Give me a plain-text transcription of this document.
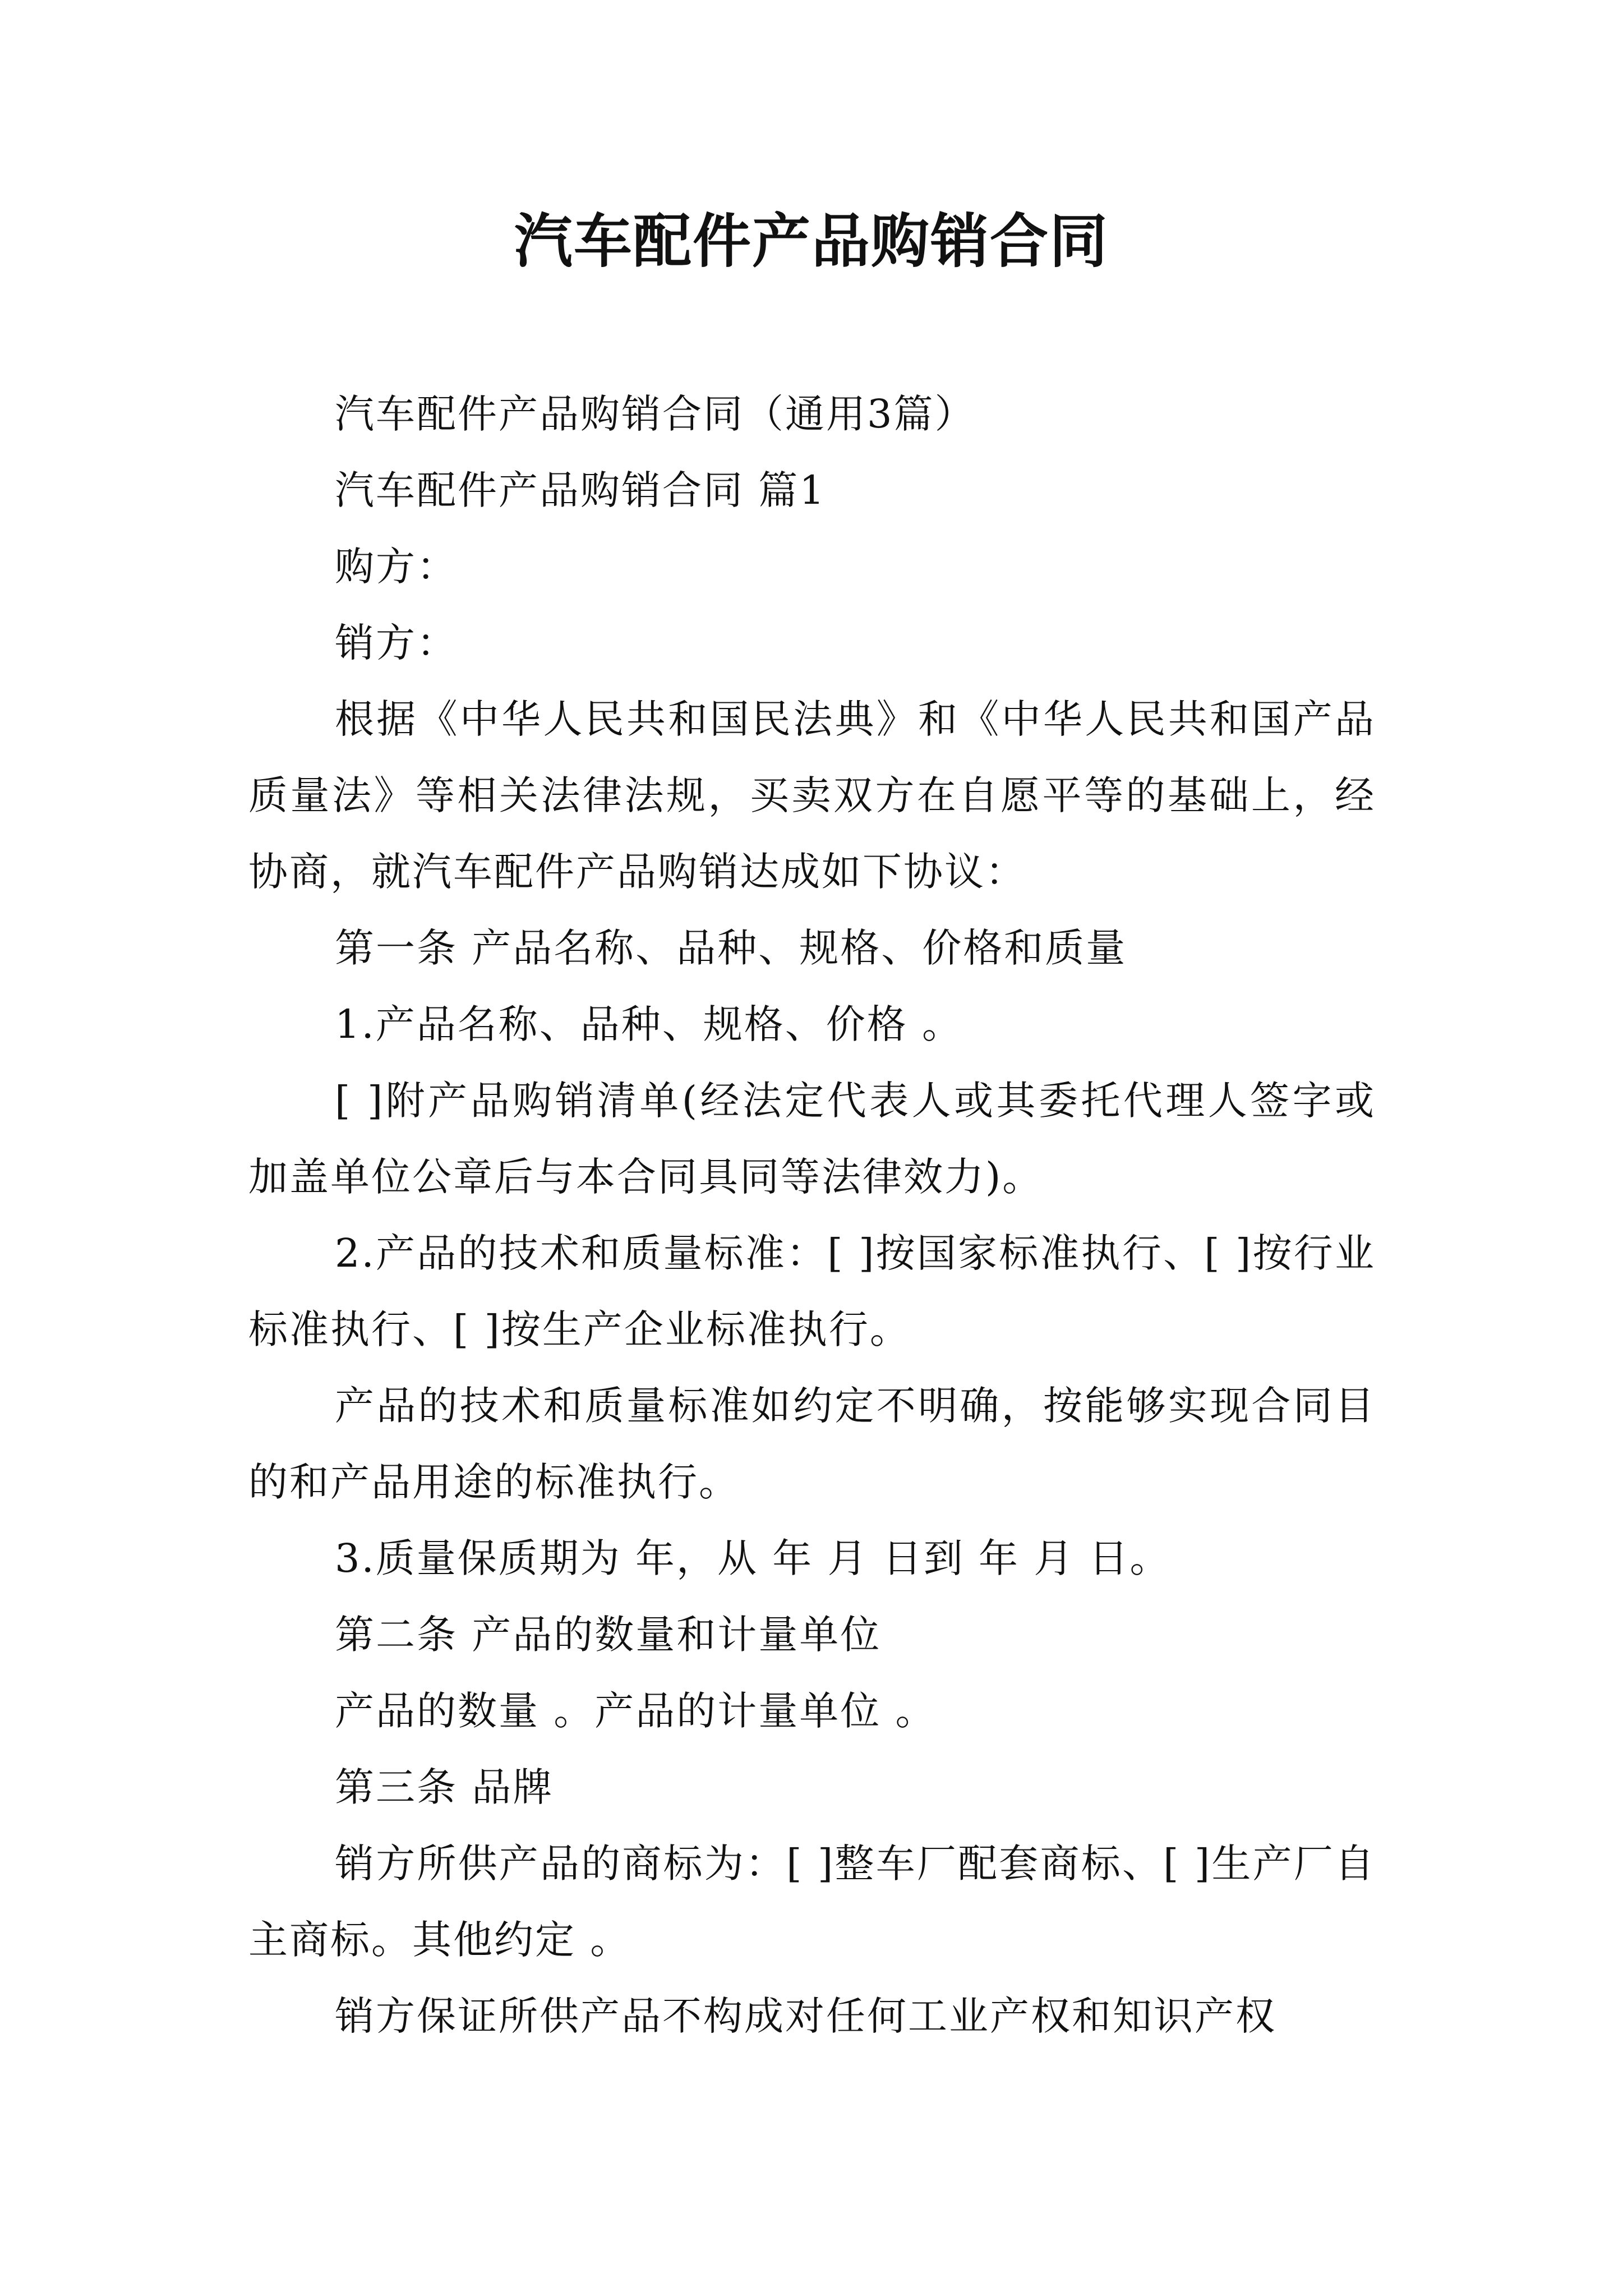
汽车配件产品购销合同

汽车配件产品购销合同（通用3篇）

汽车配件产品购销合同 篇1

购方：

销方：

根据《中华人民共和国民法典》和《中华人民共和国产品质量法》等相关法律法规，买卖双方在自愿平等的基础上，经协商，就汽车配件产品购销达成如下协议：

第一条 产品名称、品种、规格、价格和质量

1.产品名称、品种、规格、价格 。

[ ]附产品购销清单(经法定代表人或其委托代理人签字或加盖单位公章后与本合同具同等法律效力)。

2.产品的技术和质量标准：[ ]按国家标准执行、[ ]按行业标准执行、[ ]按生产企业标准执行。

产品的技术和质量标准如约定不明确，按能够实现合同目的和产品用途的标准执行。

3.质量保质期为 年，从 年 月 日到 年 月 日。

第二条 产品的数量和计量单位

产品的数量 。产品的计量单位 。

第三条 品牌

销方所供产品的商标为：[ ]整车厂配套商标、[ ]生产厂自主商标。其他约定 。

销方保证所供产品不构成对任何工业产权和知识产权
